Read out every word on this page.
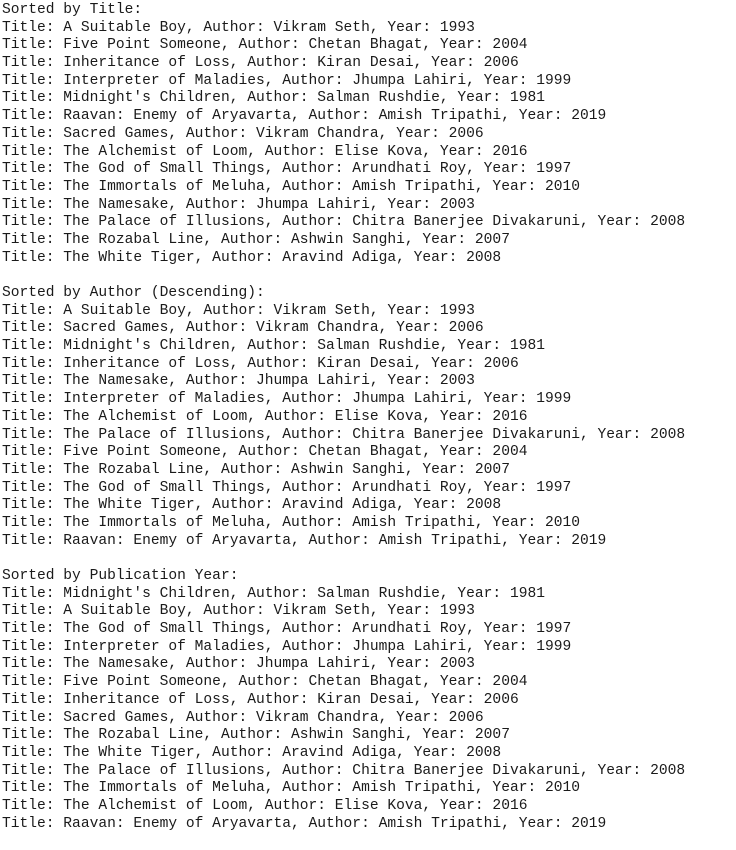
Sorted by Title:
Title: A Suitable Boy, Author: Vikram Seth, Year: 1993
Title: Five Point Someone, Author: Chetan Bhagat, Year: 2004
Title: Inheritance of Loss, Author: Kiran Desai, Year: 2006
Title: Interpreter of Maladies, Author: Jhumpa Lahiri, Year: 1999
Title: Midnight's Children, Author: Salman Rushdie, Year: 1981
Title: Raavan: Enemy of Aryavarta, Author: Amish Tripathi, Year: 2019
Title: Sacred Games, Author: Vikram Chandra, Year: 2006
Title: The Alchemist of Loom, Author: Elise Kova, Year: 2016
Title: The God of Small Things, Author: Arundhati Roy, Year: 1997
Title: The Immortals of Meluha, Author: Amish Tripathi, Year: 2010
Title: The Namesake, Author: Jhumpa Lahiri, Year: 2003
Title: The Palace of Illusions, Author: Chitra Banerjee Divakaruni, Year: 2008
Title: The Rozabal Line, Author: Ashwin Sanghi, Year: 2007
Title: The White Tiger, Author: Aravind Adiga, Year: 2008
Sorted by Author (Descending):
Title: A Suitable Boy, Author: Vikram Seth, Year: 1993
Title: Sacred Games, Author: Vikram Chandra, Year: 2006
Title: Midnight's Children, Author: Salman Rushdie, Year: 1981
Title: Inheritance of Loss, Author: Kiran Desai, Year: 2006
Title: The Namesake, Author: Jhumpa Lahiri, Year: 2003
Title: Interpreter of Maladies, Author: Jhumpa Lahiri, Year: 1999
Title: The Alchemist of Loom, Author: Elise Kova, Year: 2016
Title: The Palace of Illusions, Author: Chitra Banerjee Divakaruni, Year: 2008
Title: Five Point Someone, Author: Chetan Bhagat, Year: 2004
Title: The Rozabal Line, Author: Ashwin Sanghi, Year: 2007
Title: The God of Small Things, Author: Arundhati Roy, Year: 1997
Title: The White Tiger, Author: Aravind Adiga, Year: 2008
Title: The Immortals of Meluha, Author: Amish Tripathi, Year: 2010
Title: Raavan: Enemy of Aryavarta, Author: Amish Tripathi, Year: 2019
Sorted by Publication Year:
Title: Midnight's Children, Author: Salman Rushdie, Year: 1981
Title: A Suitable Boy, Author: Vikram Seth, Year: 1993
Title: The God of Small Things, Author: Arundhati Roy, Year: 1997
Title: Interpreter of Maladies, Author: Jhumpa Lahiri, Year: 1999
Title: The Namesake, Author: Jhumpa Lahiri, Year: 2003
Title: Five Point Someone, Author: Chetan Bhagat, Year: 2004
Title: Inheritance of Loss, Author: Kiran Desai, Year: 2006
Title: Sacred Games, Author: Vikram Chandra, Year: 2006
Title: The Rozabal Line, Author: Ashwin Sanghi, Year: 2007
Title: The White Tiger, Author: Aravind Adiga, Year: 2008
Title: The Palace of Illusions, Author: Chitra Banerjee Divakaruni, Year: 2008
Title: The Immortals of Meluha, Author: Amish Tripathi, Year: 2010
Title: The Alchemist of Loom, Author: Elise Kova, Year: 2016
Title: Raavan: Enemy of Aryavarta, Author: Amish Tripathi, Year: 2019
